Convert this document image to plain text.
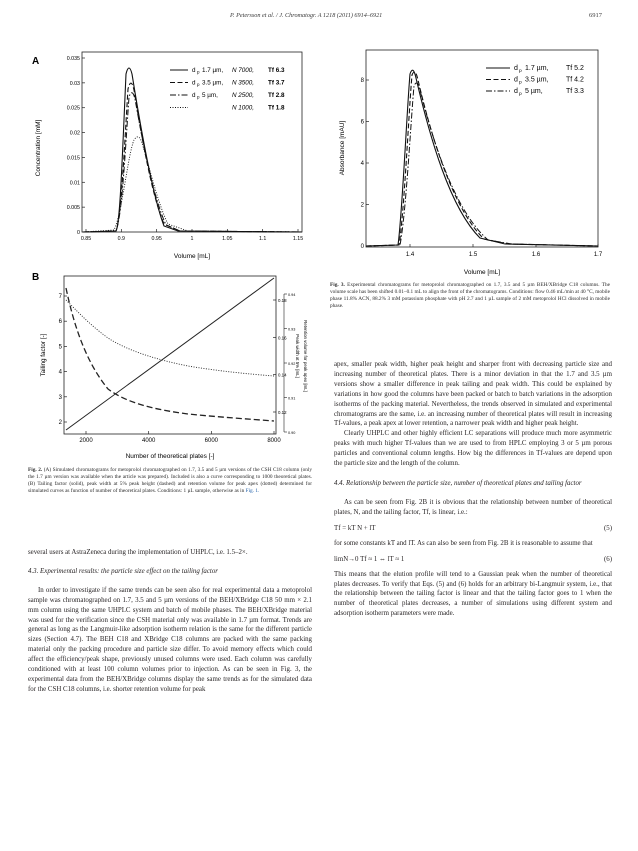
P. Petersson et al. / J. Chromatogr. A 1218 (2011) 6914–6921	6917
A
Concentration [mM]
Volume [mL]
0
0.005
0.01
0.015
0.02
0.025
0.03
0.035
0.85	0.9	0.95	1	1.05	1.1	1.15
d p 1.7 µm, N 7000, Tf 6.3
d p 3.5 µm, N 3500, Tf 3.7
d p 5 µm, N 2500, Tf 2.8
N 1000, Tf 1.8
B
Tailing factor [-]	Peak width at 5% [mL] Retention volume for peak apex [mL]
Number of theoretical plates [-]
2000	4000	6000	8000
2
3
4
5
6
7
0.12
0.14
0.16
0.18
0.90
0.91
0.92
0.93
0.94
Fig. 2. (A) Simulated chromatograms for metoprolol chromatographed on 1.7, 3.5 and 5 µm versions of the CSH C18 column (only the 1.7 µm version was available when the article was prepared). Included is also a curve corresponding to 1000 theoretical plates. (B) Tailing factor (solid), peak width at 5% peak height (dashed) and retention volume for peak apex (dotted) determined for simulated curves as function of number of theoretical plates. Conditions: 1 µL sample, otherwise as in Fig. 1.
Absorbance [mAU]
Volume [mL]
0
2
4
6
8
1.4	1.5	1.6	1.7
d p 1.7 µm,	Tf 5.2
d p 3.5 µm,	Tf 4.2
d p 5 µm,	Tf 3.3
Fig. 3. Experimental chromatograms for metoprolol chromatographed on 1.7, 3.5 and 5 µm BEH/XBridge C18 columns. The volume scale has been shifted 0.01–0.1 mL to align the front of the chromatograms. Conditions: flow 0.46 mL/min at 40 °C, mobile phase 11.8% ACN, 88.2% 3 mM potassium phosphate with pH 2.7 and 1 µL sample of 2 mM metoprolol HCl dissolved in mobile phase.

several users at AstraZeneca during the implementation of UHPLC, i.e. 1.5–2×.

4.3. Experimental results: the particle size effect on the tailing factor

In order to investigate if the same trends can be seen also for real experimental data a metoprolol sample was chromatographed on 1.7, 3.5 and 5 µm versions of the BEH/XBridge C18 50 mm × 2.1 mm column using the same UHPLC system and batch of mobile phases. The BEH/XBridge material was used for the verification since the CSH material only was available in 1.7 µm format. Trends are general as long as the Langmuir-like adsorption isotherm relation is the same for the different particle sizes (Section 4.7). The BEH C18 and XBridge C18 columns are packed with the same packing material only the packing procedure and particle size differ. To avoid memory effects which could affect the efficiency/peak shape, previously unused columns were used. Each column was carefully conditioned with at least 100 column volumes prior to injection. As can be seen in Fig. 3, the experimental data from the BEH/XBridge columns display the same trends as for the simulated data for the CSH C18 columns, i.e. shorter retention volume for peak

apex, smaller peak width, higher peak height and sharper front with decreasing particle size and increasing number of theoretical plates. There is a minor deviation in that the 1.7 and 3.5 µm versions show a smaller difference in peak tailing and peak width. This could be explained by variations in how good the columns have been packed or batch to batch variations in the adsorption isotherms of the packing material. Nevertheless, the trends observed in simulated and experimental chromatograms are the same, i.e. an increasing number of theoretical plates will result in increasing Tf-values, a peak apex at lower retention, a narrower peak width and higher peak height.

Clearly UHPLC and other highly efficient LC separations will produce much more asymmetric peaks with much higher Tf-values than we are used to from HPLC employing 3 or 5 µm porous particles and conventional column lengths. How big the differences in Tf-values are depend upon the particle size and the length of the column.

4.4. Relationship between the particle size, number of theoretical plates and tailing factor

As can be seen from Fig. 2B it is obvious that the relationship between number of theoretical plates, N, and the tailing factor, Tf, is linear, i.e.:

Tf = kT N + lT	(5)

for some constants kT and lT. As can also be seen from Fig. 2B it is reasonable to assume that

limN→0 Tf ≈ 1 ⇔ lT ≈ 1	(6)

This means that the elution profile will tend to a Gaussian peak when the number of theoretical plates decreases. To verify that Eqs. (5) and (6) holds for an arbitrary bi-Langmuir system, i.e., that the relationship between the tailing factor is linear and that the tailing factor goes to 1 when the number of theoretical plates decreases, a number of simulations using different system and adsorption isotherm parameters were made.
